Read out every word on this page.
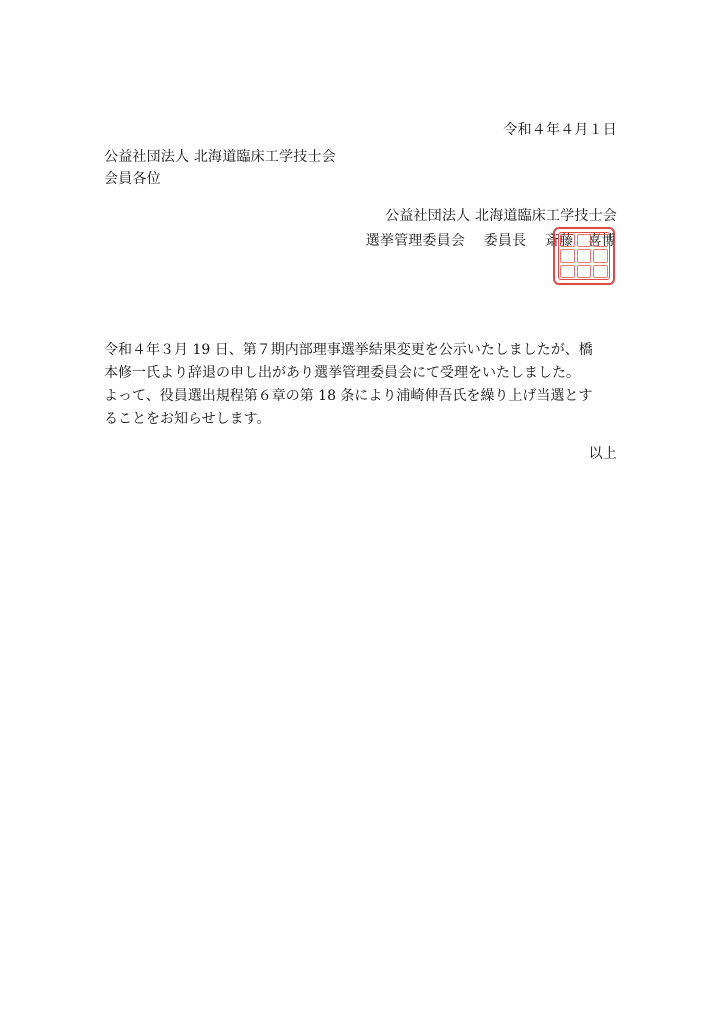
令和４年４月１日
公益社団法人 北海道臨床工学技士会
会員各位
公益社団法人 北海道臨床工学技士会
選挙管理委員会 委員長 斎藤　喜博

令和４年３月 19 日、第７期内部理事選挙結果変更を公示いたしましたが、橋

本修一氏より辞退の申し出があり選挙管理委員会にて受理をいたしました。

よって、役員選出規程第６章の第 18 条により浦崎伸吾氏を繰り上げ当選とす

ることをお知らせします。

以上
